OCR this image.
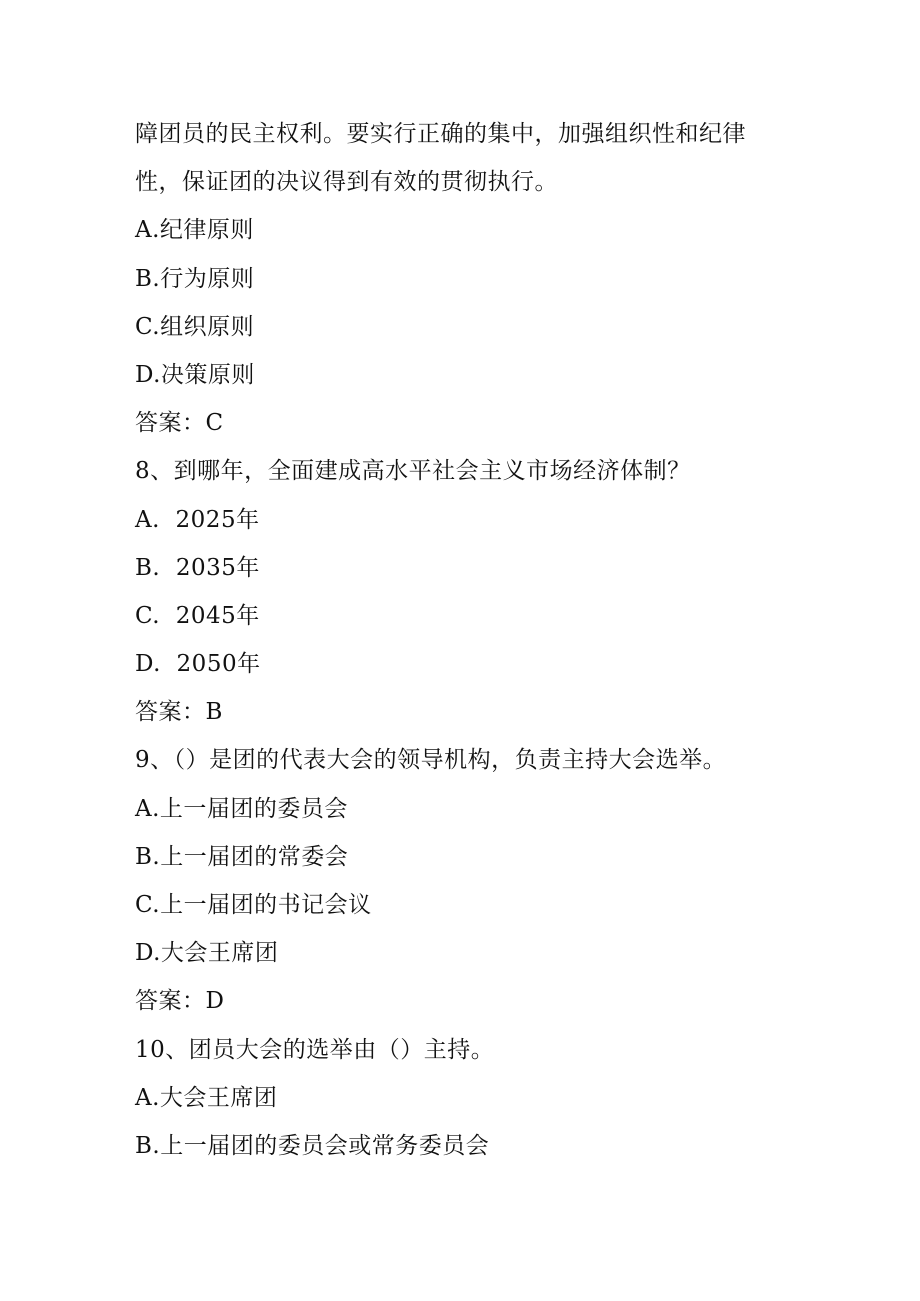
障团员的民主权利。要实行正确的集中，加强组织性和纪律
性，保证团的决议得到有效的贯彻执行。
A.纪律原则
B.行为原则
C.组织原则
D.决策原则
答案：C
8、到哪年，全面建成高水平社会主义市场经济体制？
A.  2025年
B.  2035年
C.  2045年
D.  2050年
答案：B
9、（）是团的代表大会的领导机构，负责主持大会选举。
A.上一届团的委员会
B.上一届团的常委会
C.上一届团的书记会议
D.大会王席团
答案：D
10、团员大会的选举由（）主持。
A.大会王席团
B.上一届团的委员会或常务委员会
